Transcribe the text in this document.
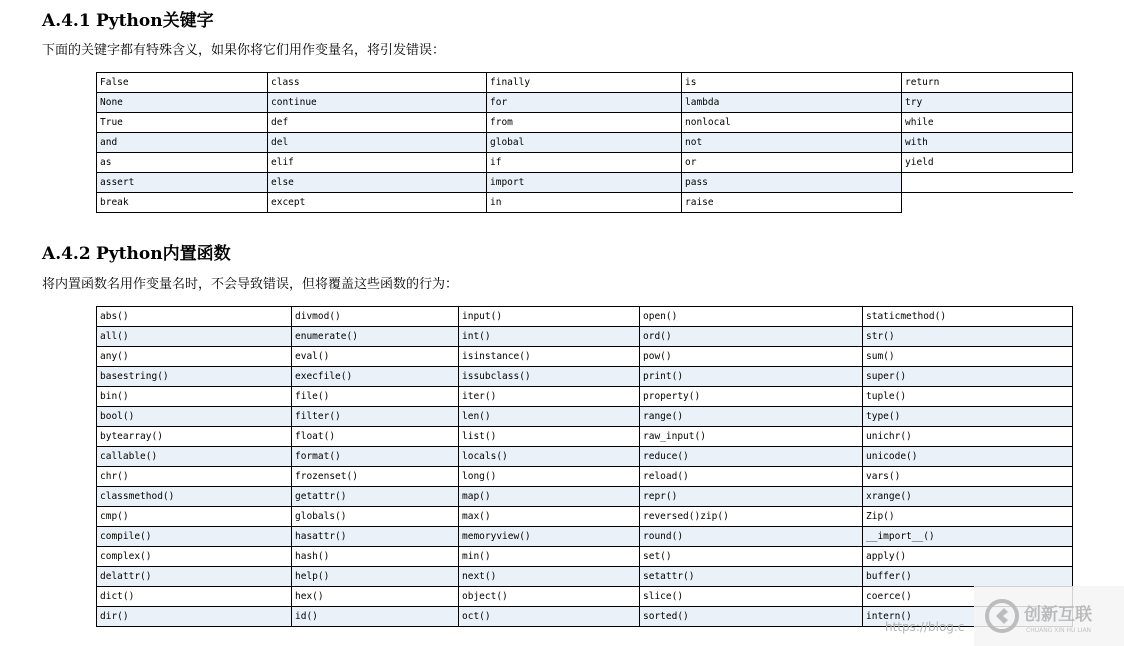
A.4.1 Python关键字
下面的关键字都有特殊含义，如果你将它们用作变量名，将引发错误：
False	class	finally	is	return
None	continue	for	lambda	try
True	def	from	nonlocal	while
and	del	global	not	with
as	elif	if	or	yield
assert	else	import	pass	
break	except	in	raise	
A.4.2 Python内置函数
将内置函数名用作变量名时，不会导致错误，但将覆盖这些函数的行为：
abs()	divmod()	input()	open()	staticmethod()
all()	enumerate()	int()	ord()	str()
any()	eval()	isinstance()	pow()	sum()
basestring()	execfile()	issubclass()	print()	super()
bin()	file()	iter()	property()	tuple()
bool()	filter()	len()	range()	type()
bytearray()	float()	list()	raw_input()	unichr()
callable()	format()	locals()	reduce()	unicode()
chr()	frozenset()	long()	reload()	vars()
classmethod()	getattr()	map()	repr()	xrange()
cmp()	globals()	max()	reversed()zip()	Zip()
compile()	hasattr()	memoryview()	round()	__import__()
complex()	hash()	min()	set()	apply()
delattr()	help()	next()	setattr()	buffer()
dict()	hex()	object()	slice()	coerce()
dir()	id()	oct()	sorted()	intern()
https://blog.c
创新互联
CHUANG XIN HU LIAN
